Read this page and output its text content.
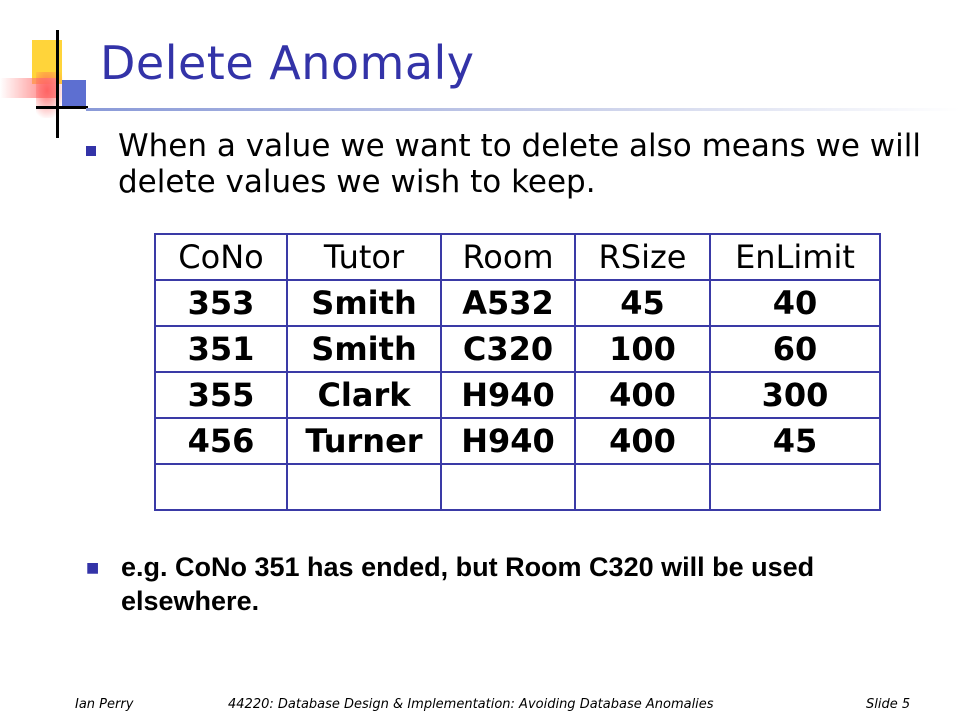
Delete Anomaly

When a value we want to delete also means we will delete values we wish to keep.

CoNo	Tutor	Room	RSize	EnLimit
353	Smith	A532	45	40
351	Smith	C320	100	60
355	Clark	H940	400	300
456	Turner	H940	400	45

■ e.g. CoNo 351 has ended, but Room C320 will be used elsewhere.

Ian Perry	44220: Database Design & Implementation: Avoiding Database Anomalies	Slide 5
